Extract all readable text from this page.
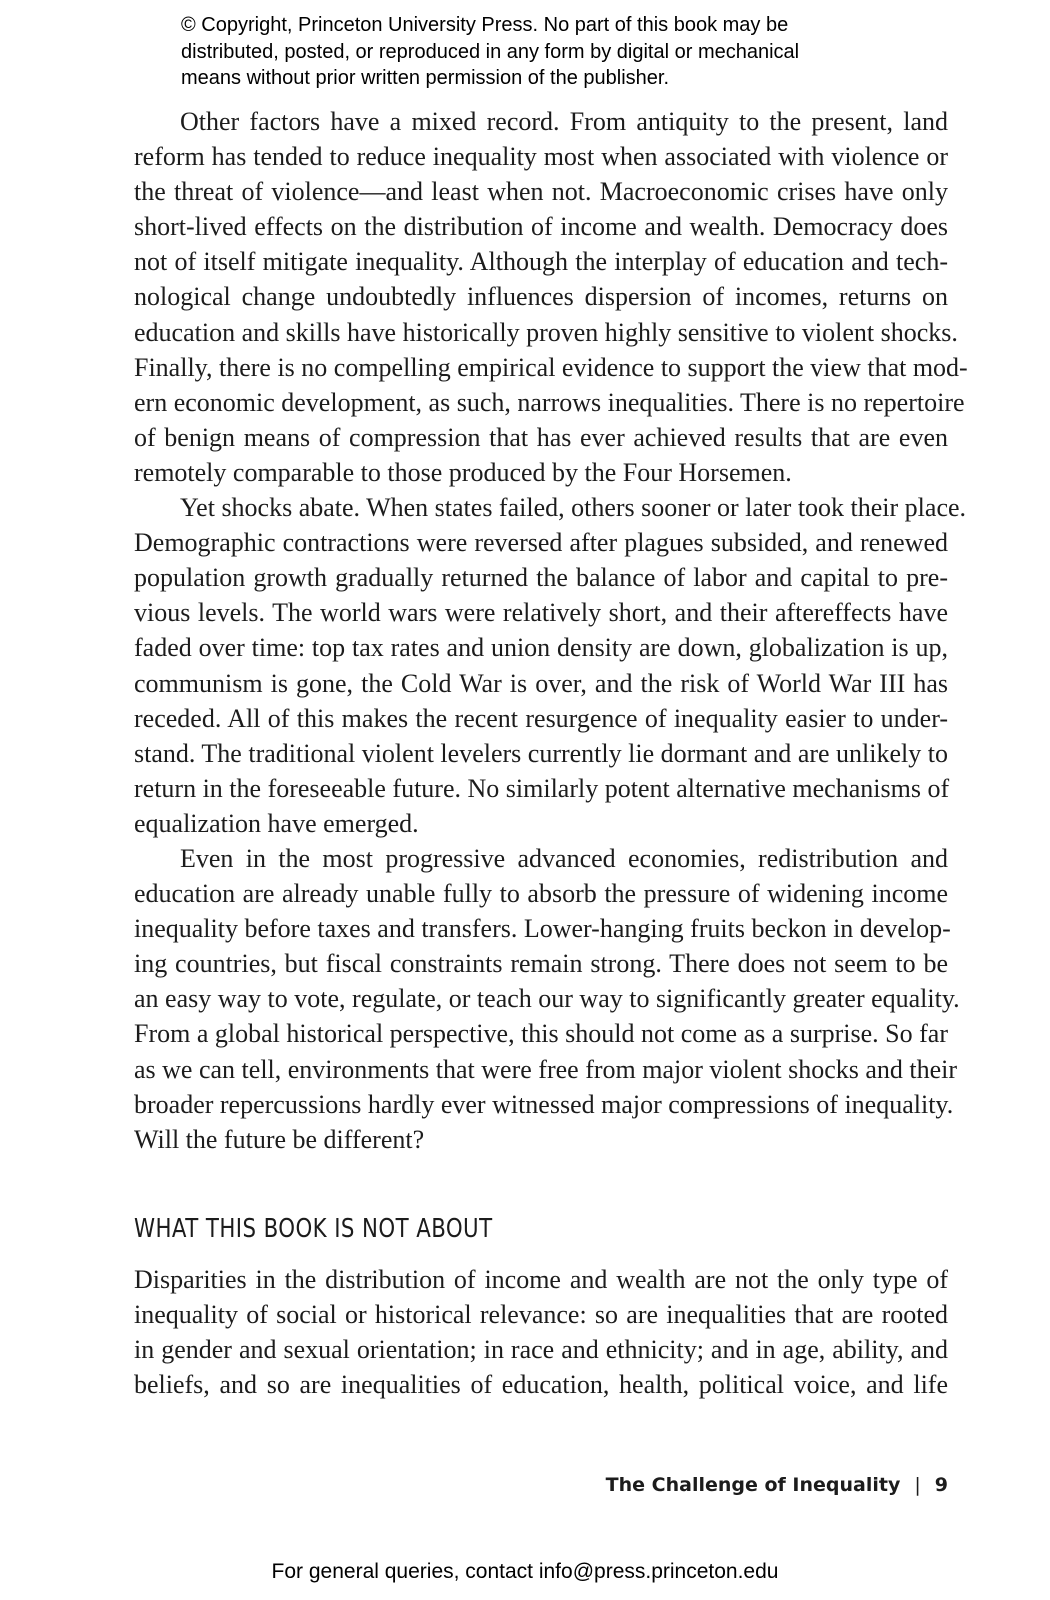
© Copyright, Princeton University Press. No part of this book may be
distributed, posted, or reproduced in any form by digital or mechanical
means without prior written permission of the publisher.
Other factors have a mixed record. From antiquity to the present, land
reform has tended to reduce inequality most when associated with violence or
the threat of violence—and least when not. Macroeconomic crises have only
short-lived effects on the distribution of income and wealth. Democracy does
not of itself mitigate inequality. Although the interplay of education and tech-
nological change undoubtedly influences dispersion of incomes, returns on
education and skills have historically proven highly sensitive to violent shocks.
Finally, there is no compelling empirical evidence to support the view that mod-
ern economic development, as such, narrows inequalities. There is no repertoire
of benign means of compression that has ever achieved results that are even
remotely comparable to those produced by the Four Horsemen.
Yet shocks abate. When states failed, others sooner or later took their place.
Demographic contractions were reversed after plagues subsided, and renewed
population growth gradually returned the balance of labor and capital to pre-
vious levels. The world wars were relatively short, and their aftereffects have
faded over time: top tax rates and union density are down, globalization is up,
communism is gone, the Cold War is over, and the risk of World War III has
receded. All of this makes the recent resurgence of inequality easier to under-
stand. The traditional violent levelers currently lie dormant and are unlikely to
return in the foreseeable future. No similarly potent alternative mechanisms of
equalization have emerged.
Even in the most progressive advanced economies, redistribution and
education are already unable fully to absorb the pressure of widening income
inequality before taxes and transfers. Lower-hanging fruits beckon in develop-
ing countries, but fiscal constraints remain strong. There does not seem to be
an easy way to vote, regulate, or teach our way to significantly greater equality.
From a global historical perspective, this should not come as a surprise. So far
as we can tell, environments that were free from major violent shocks and their
broader repercussions hardly ever witnessed major compressions of inequality.
Will the future be different?
WHAT THIS BOOK IS NOT ABOUT
Disparities in the distribution of income and wealth are not the only type of
inequality of social or historical relevance: so are inequalities that are rooted
in gender and sexual orientation; in race and ethnicity; and in age, ability, and
beliefs, and so are inequalities of education, health, political voice, and life
The Challenge of Inequality | 9
For general queries, contact info@press.princeton.edu
